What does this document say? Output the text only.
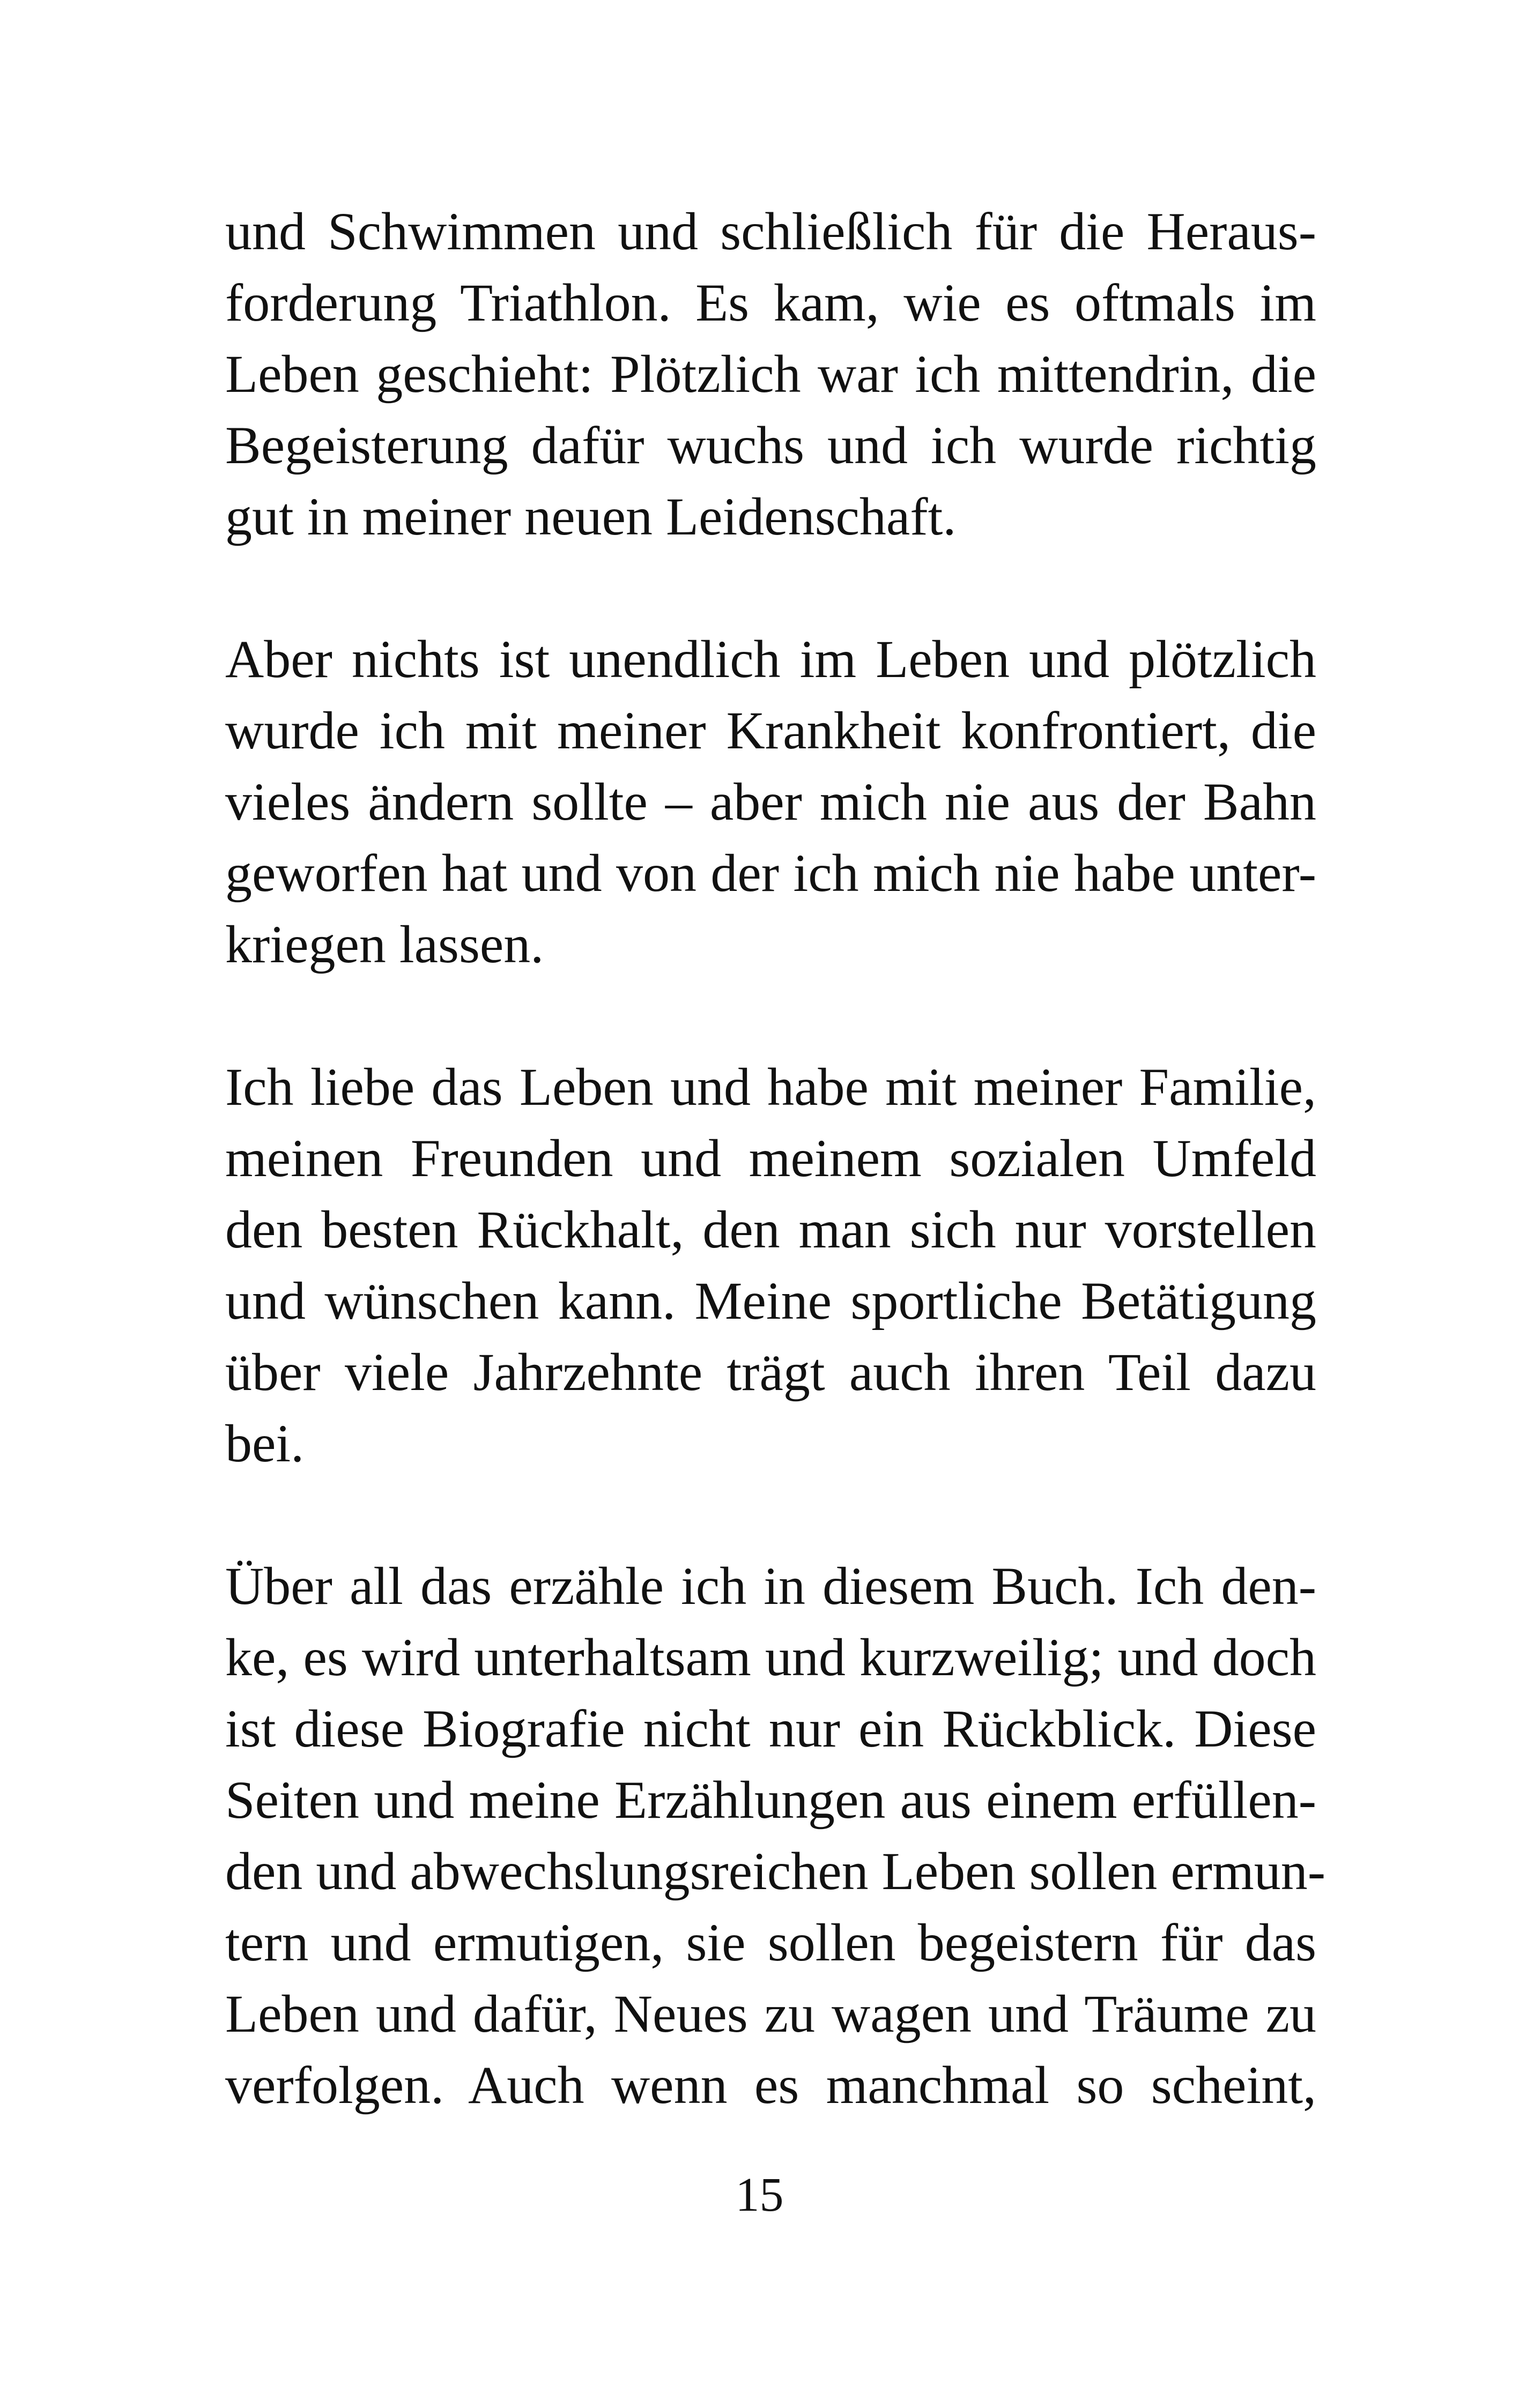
und Schwimmen und schließlich für die Heraus-
forderung Triathlon. Es kam, wie es oftmals im
Leben geschieht: Plötzlich war ich mittendrin, die
Begeisterung dafür wuchs und ich wurde richtig
gut in meiner neuen Leidenschaft.

Aber nichts ist unendlich im Leben und plötzlich
wurde ich mit meiner Krankheit konfrontiert, die
vieles ändern sollte – aber mich nie aus der Bahn
geworfen hat und von der ich mich nie habe unter-
kriegen lassen.

Ich liebe das Leben und habe mit meiner Familie,
meinen Freunden und meinem sozialen Umfeld
den besten Rückhalt, den man sich nur vorstellen
und wünschen kann. Meine sportliche Betätigung
über viele Jahrzehnte trägt auch ihren Teil dazu
bei.

Über all das erzähle ich in diesem Buch. Ich den-
ke, es wird unterhaltsam und kurzweilig; und doch
ist diese Biografie nicht nur ein Rückblick. Diese
Seiten und meine Erzählungen aus einem erfüllen-
den und abwechslungsreichen Leben sollen ermun-
tern und ermutigen, sie sollen begeistern für das
Leben und dafür, Neues zu wagen und Träume zu
verfolgen. Auch wenn es manchmal so scheint,

15
